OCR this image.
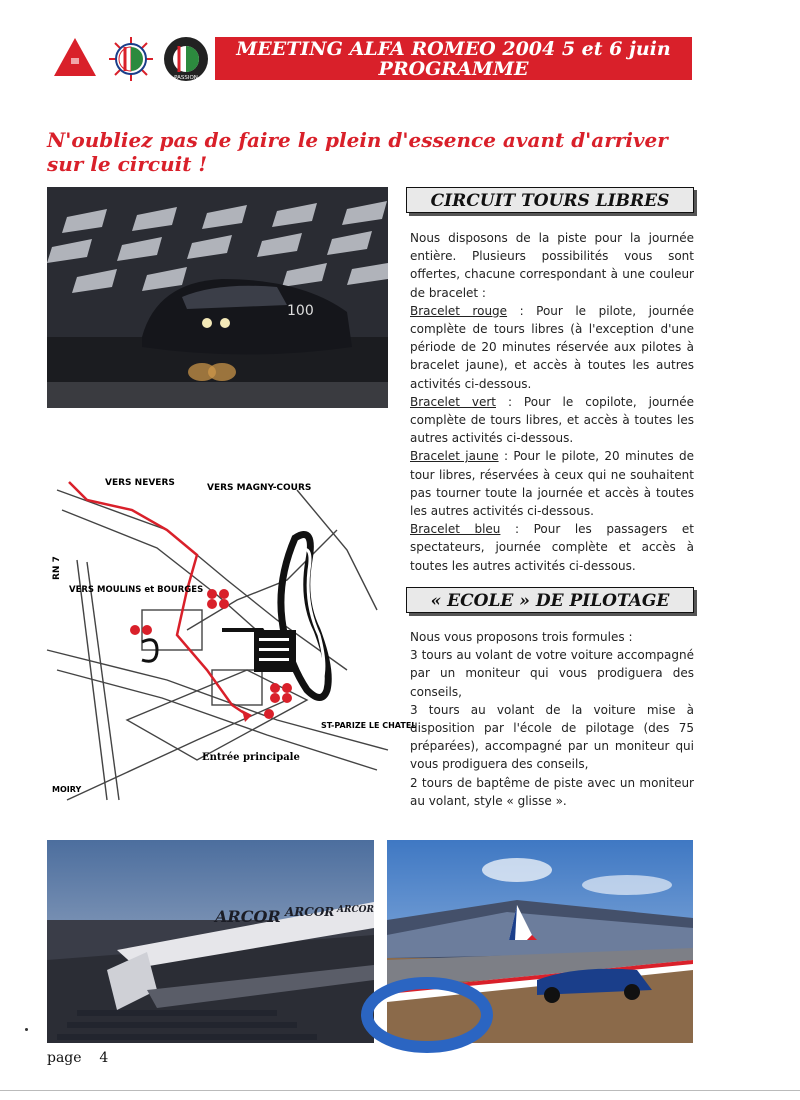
PASSION
MEETING ALFA ROMEO 2004 5 et 6 juin
PROGRAMME
N'oubliez pas de faire le plein d'essence avant d'arriver sur le circuit !
100
VERS NEVERS	VERS MAGNY-COURS
RN 7
VERS MOULINS et BOURGES
ST-PARIZE LE CHATEL
Entrée principale
MOIRY
CIRCUIT TOURS LIBRES

Nous disposons de la piste pour la journée entière. Plusieurs possibilités vous sont offertes, chacune correspondant à une couleur de bracelet :

Bracelet rouge : Pour le pilote, journée complète de tours libres (à l'exception d'une période de 20 minutes réservée aux pilotes à bracelet jaune), et accès à toutes les autres activités ci-dessous.

Bracelet vert : Pour le copilote, journée complète de tours libres, et accès à toutes les autres activités ci-dessous.

Bracelet jaune : Pour le pilote, 20 minutes de tour libres, réservées à ceux qui ne souhaitent pas tourner toute la journée et accès à toutes les autres activités ci-dessous.

Bracelet bleu : Pour les passagers et spectateurs, journée complète et accès à toutes les autres activités ci-dessous.

« ECOLE » DE PILOTAGE

Nous vous proposons trois formules :

3 tours au volant de votre voiture accompagné par un moniteur qui vous prodiguera des conseils,

3 tours au volant de la voiture mise à disposition par l'école de pilotage (des 75 préparées), accompagné par un moniteur qui vous prodiguera des conseils,

2 tours de baptême de piste avec un moniteur au volant, style « glisse ».

ARCOR ARCOR ARCOR
page 4
